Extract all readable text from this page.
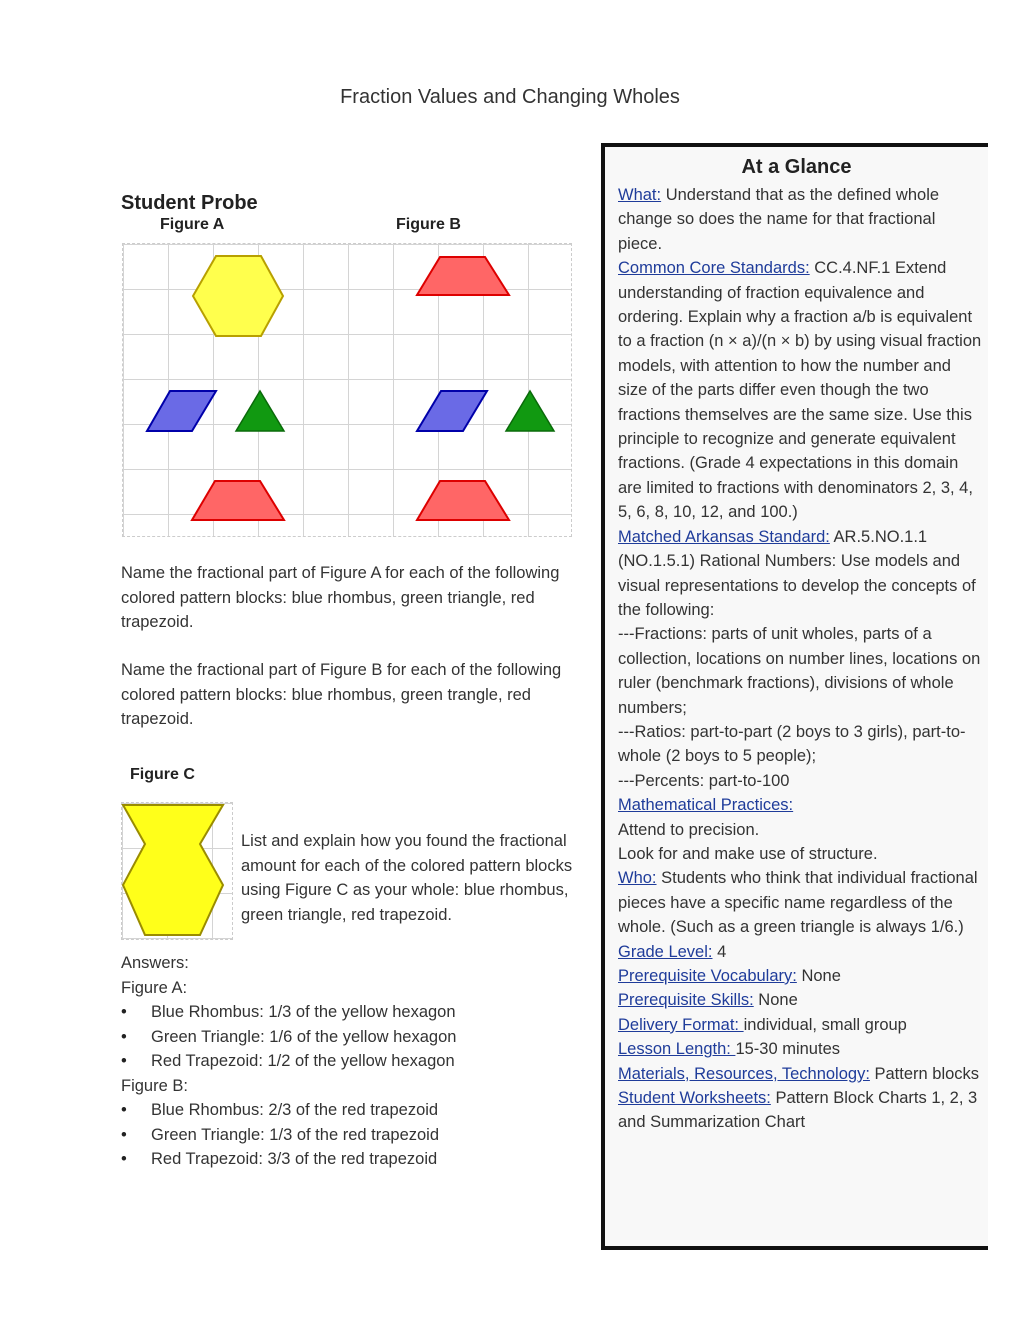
Fraction Values and Changing Wholes
Student Probe
Figure A	Figure B
Name the fractional part of Figure A for each of the following colored pattern blocks: blue rhombus, green triangle, red trapezoid.
Name the fractional part of Figure B for each of the following colored pattern blocks: blue rhombus, green trangle, red trapezoid.
Figure C
List and explain how you found the fractional amount for each of the colored pattern blocks using Figure C as your whole: blue rhombus, green triangle, red trapezoid.
Answers:
Figure A:
• Blue Rhombus: 1/3 of the yellow hexagon
• Green Triangle: 1/6 of the yellow hexagon
• Red Trapezoid: 1/2 of the yellow hexagon
Figure B:
• Blue Rhombus: 2/3 of the red trapezoid
• Green Triangle: 1/3 of the red trapezoid
• Red Trapezoid: 3/3 of the red trapezoid
At a Glance

What: Understand that as the defined whole change so does the name for that fractional piece.

Common Core Standards: CC.4.NF.1 Extend understanding of fraction equivalence and ordering. Explain why a fraction a/b is equivalent to a fraction (n × a)/(n × b) by using visual fraction models, with attention to how the number and size of the parts differ even though the two fractions themselves are the same size. Use this principle to recognize and generate equivalent fractions. (Grade 4 expectations in this domain are limited to fractions with denominators 2, 3, 4, 5, 6, 8, 10, 12, and 100.)

Matched Arkansas Standard: AR.5.NO.1.1 (NO.1.5.1) Rational Numbers: Use models and visual representations to develop the concepts of the following:

---Fractions: parts of unit wholes, parts of a collection, locations on number lines, locations on ruler (benchmark fractions), divisions of whole numbers;

---Ratios: part-to-part (2 boys to 3 girls), part-to-whole (2 boys to 5 people);

---Percents: part-to-100

Mathematical Practices:

Attend to precision.

Look for and make use of structure.

Who: Students who think that individual fractional pieces have a specific name regardless of the whole. (Such as a green triangle is always 1/6.)

Grade Level: 4

Prerequisite Vocabulary: None

Prerequisite Skills: None

Delivery Format: individual, small group

Lesson Length: 15-30 minutes

Materials, Resources, Technology: Pattern blocks

Student Worksheets: Pattern Block Charts 1, 2, 3 and Summarization Chart
